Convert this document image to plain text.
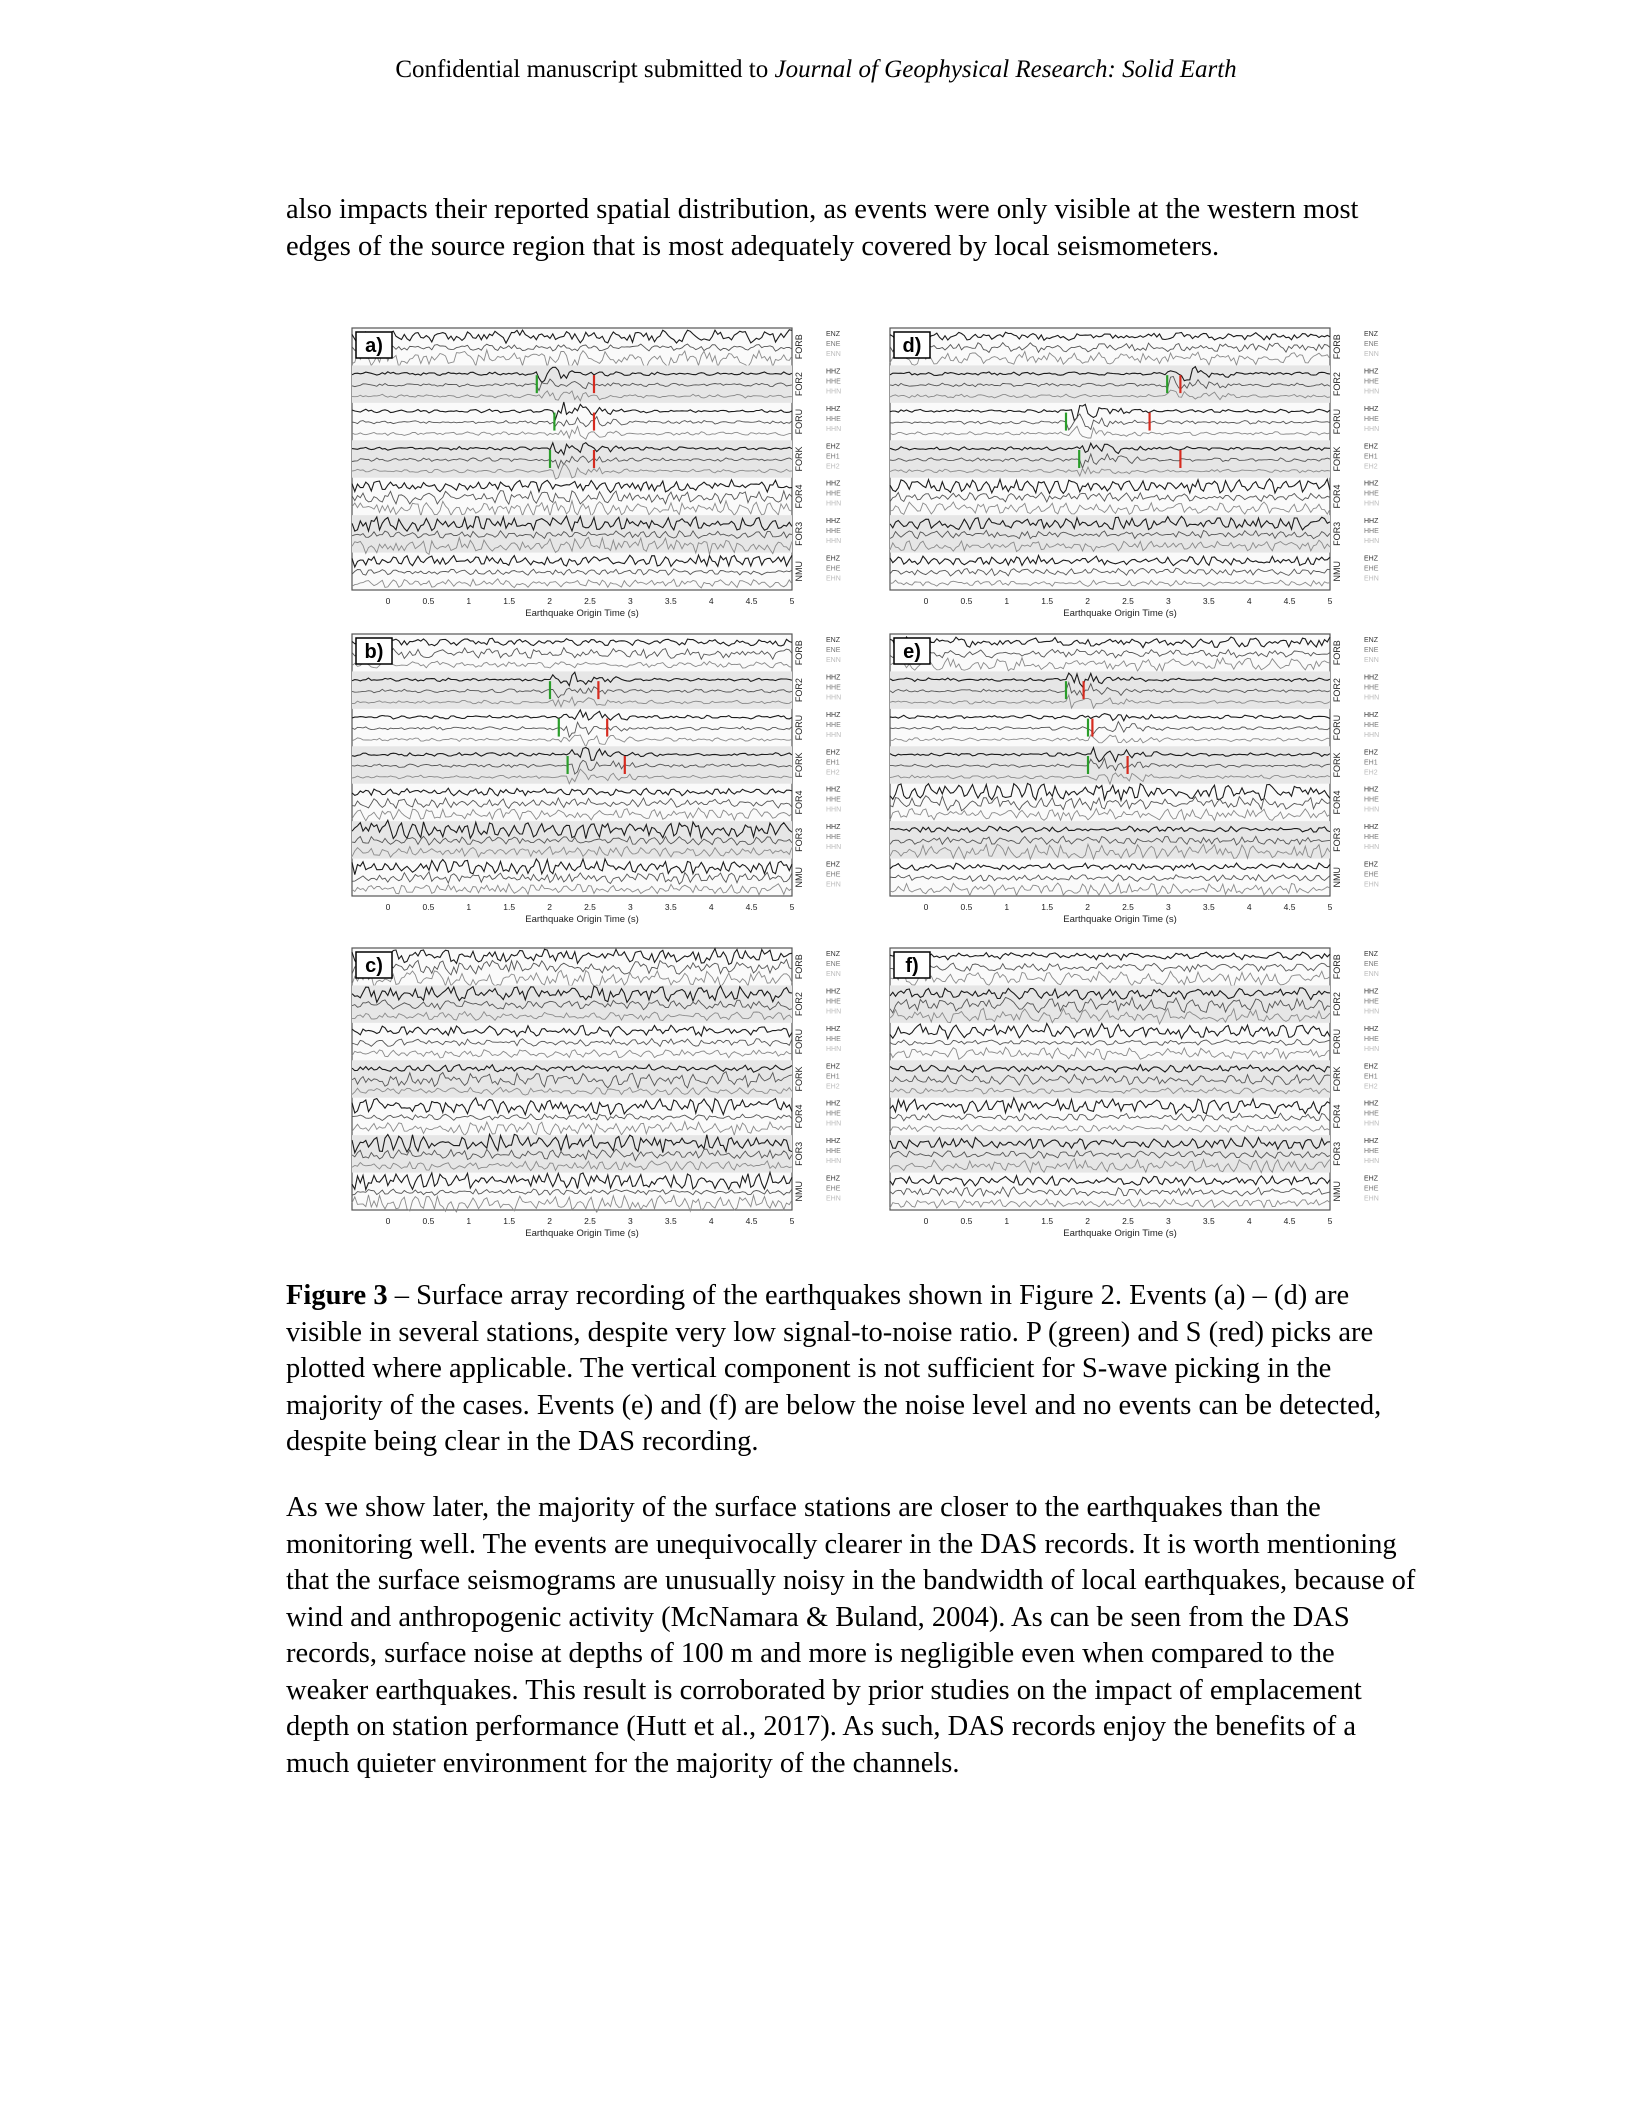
Confidential manuscript submitted to Journal of Geophysical Research: Solid Earth

also impacts their reported spatial distribution, as events were only visible at the western most edges of the source region that is most adequately covered by local seismometers.

FORB	ENZ
ENE
ENN
FOR2
HHZ
HHE
HHN
FORU	HHZ
HHE
HHN
FORK	EHZ
EH1
EH2
FOR4
HHZ
HHE
HHN
FOR3
HHZ
HHE
HHN
NMU
EHZ
EHE
EHN
a)
0	0.5	1	1.5	2	2.5	3	3.5	4	4.5	5
Earthquake Origin Time (s)
FORB	ENZ
ENE
ENN
FOR2
HHZ
HHE
HHN
FORU	HHZ
HHE
HHN
FORK	EHZ
EH1
EH2
FOR4
HHZ
HHE
HHN
FOR3
HHZ
HHE
HHN
NMU
EHZ
EHE
EHN
d)
0	0.5	1	1.5	2	2.5	3	3.5	4	4.5	5
Earthquake Origin Time (s)
FORB	ENZ
ENE
ENN
FOR2
HHZ
HHE
HHN
FORU	HHZ
HHE
HHN
FORK	EHZ
EH1
EH2
FOR4
HHZ
HHE
HHN
FOR3
HHZ
HHE
HHN
NMU
EHZ
EHE
EHN
b)
0	0.5	1	1.5	2	2.5	3	3.5	4	4.5	5
Earthquake Origin Time (s)
FORB	ENZ
ENE
ENN
FOR2
HHZ
HHE
HHN
FORU	HHZ
HHE
HHN
FORK	EHZ
EH1
EH2
FOR4
HHZ
HHE
HHN
FOR3
HHZ
HHE
HHN
NMU
EHZ
EHE
EHN
e)
0	0.5	1	1.5	2	2.5	3	3.5	4	4.5	5
Earthquake Origin Time (s)
FORB	ENZ
ENE
ENN
FOR2
HHZ
HHE
HHN
FORU	HHZ
HHE
HHN
FORK	EHZ
EH1
EH2
FOR4
HHZ
HHE
HHN
FOR3
HHZ
HHE
HHN
NMU
EHZ
EHE
EHN
c)
0	0.5	1	1.5	2	2.5	3	3.5	4	4.5	5
Earthquake Origin Time (s)
FORB	ENZ
ENE
ENN
FOR2
HHZ
HHE
HHN
FORU	HHZ
HHE
HHN
FORK	EHZ
EH1
EH2
FOR4
HHZ
HHE
HHN
FOR3
HHZ
HHE
HHN
NMU
EHZ
EHE
EHN
f)
0	0.5	1	1.5	2	2.5	3	3.5	4	4.5	5
Earthquake Origin Time (s)

Figure 3 – Surface array recording of the earthquakes shown in Figure 2. Events (a) – (d) are visible in several stations, despite very low signal-to-noise ratio. P (green) and S (red) picks are plotted where applicable. The vertical component is not sufficient for S-wave picking in the majority of the cases. Events (e) and (f) are below the noise level and no events can be detected, despite being clear in the DAS recording.

As we show later, the majority of the surface stations are closer to the earthquakes than the monitoring well. The events are unequivocally clearer in the DAS records. It is worth mentioning that the surface seismograms are unusually noisy in the bandwidth of local earthquakes, because of wind and anthropogenic activity (McNamara & Buland, 2004). As can be seen from the DAS records, surface noise at depths of 100 m and more is negligible even when compared to the weaker earthquakes. This result is corroborated by prior studies on the impact of emplacement depth on station performance (Hutt et al., 2017). As such, DAS records enjoy the benefits of a much quieter environment for the majority of the channels.
